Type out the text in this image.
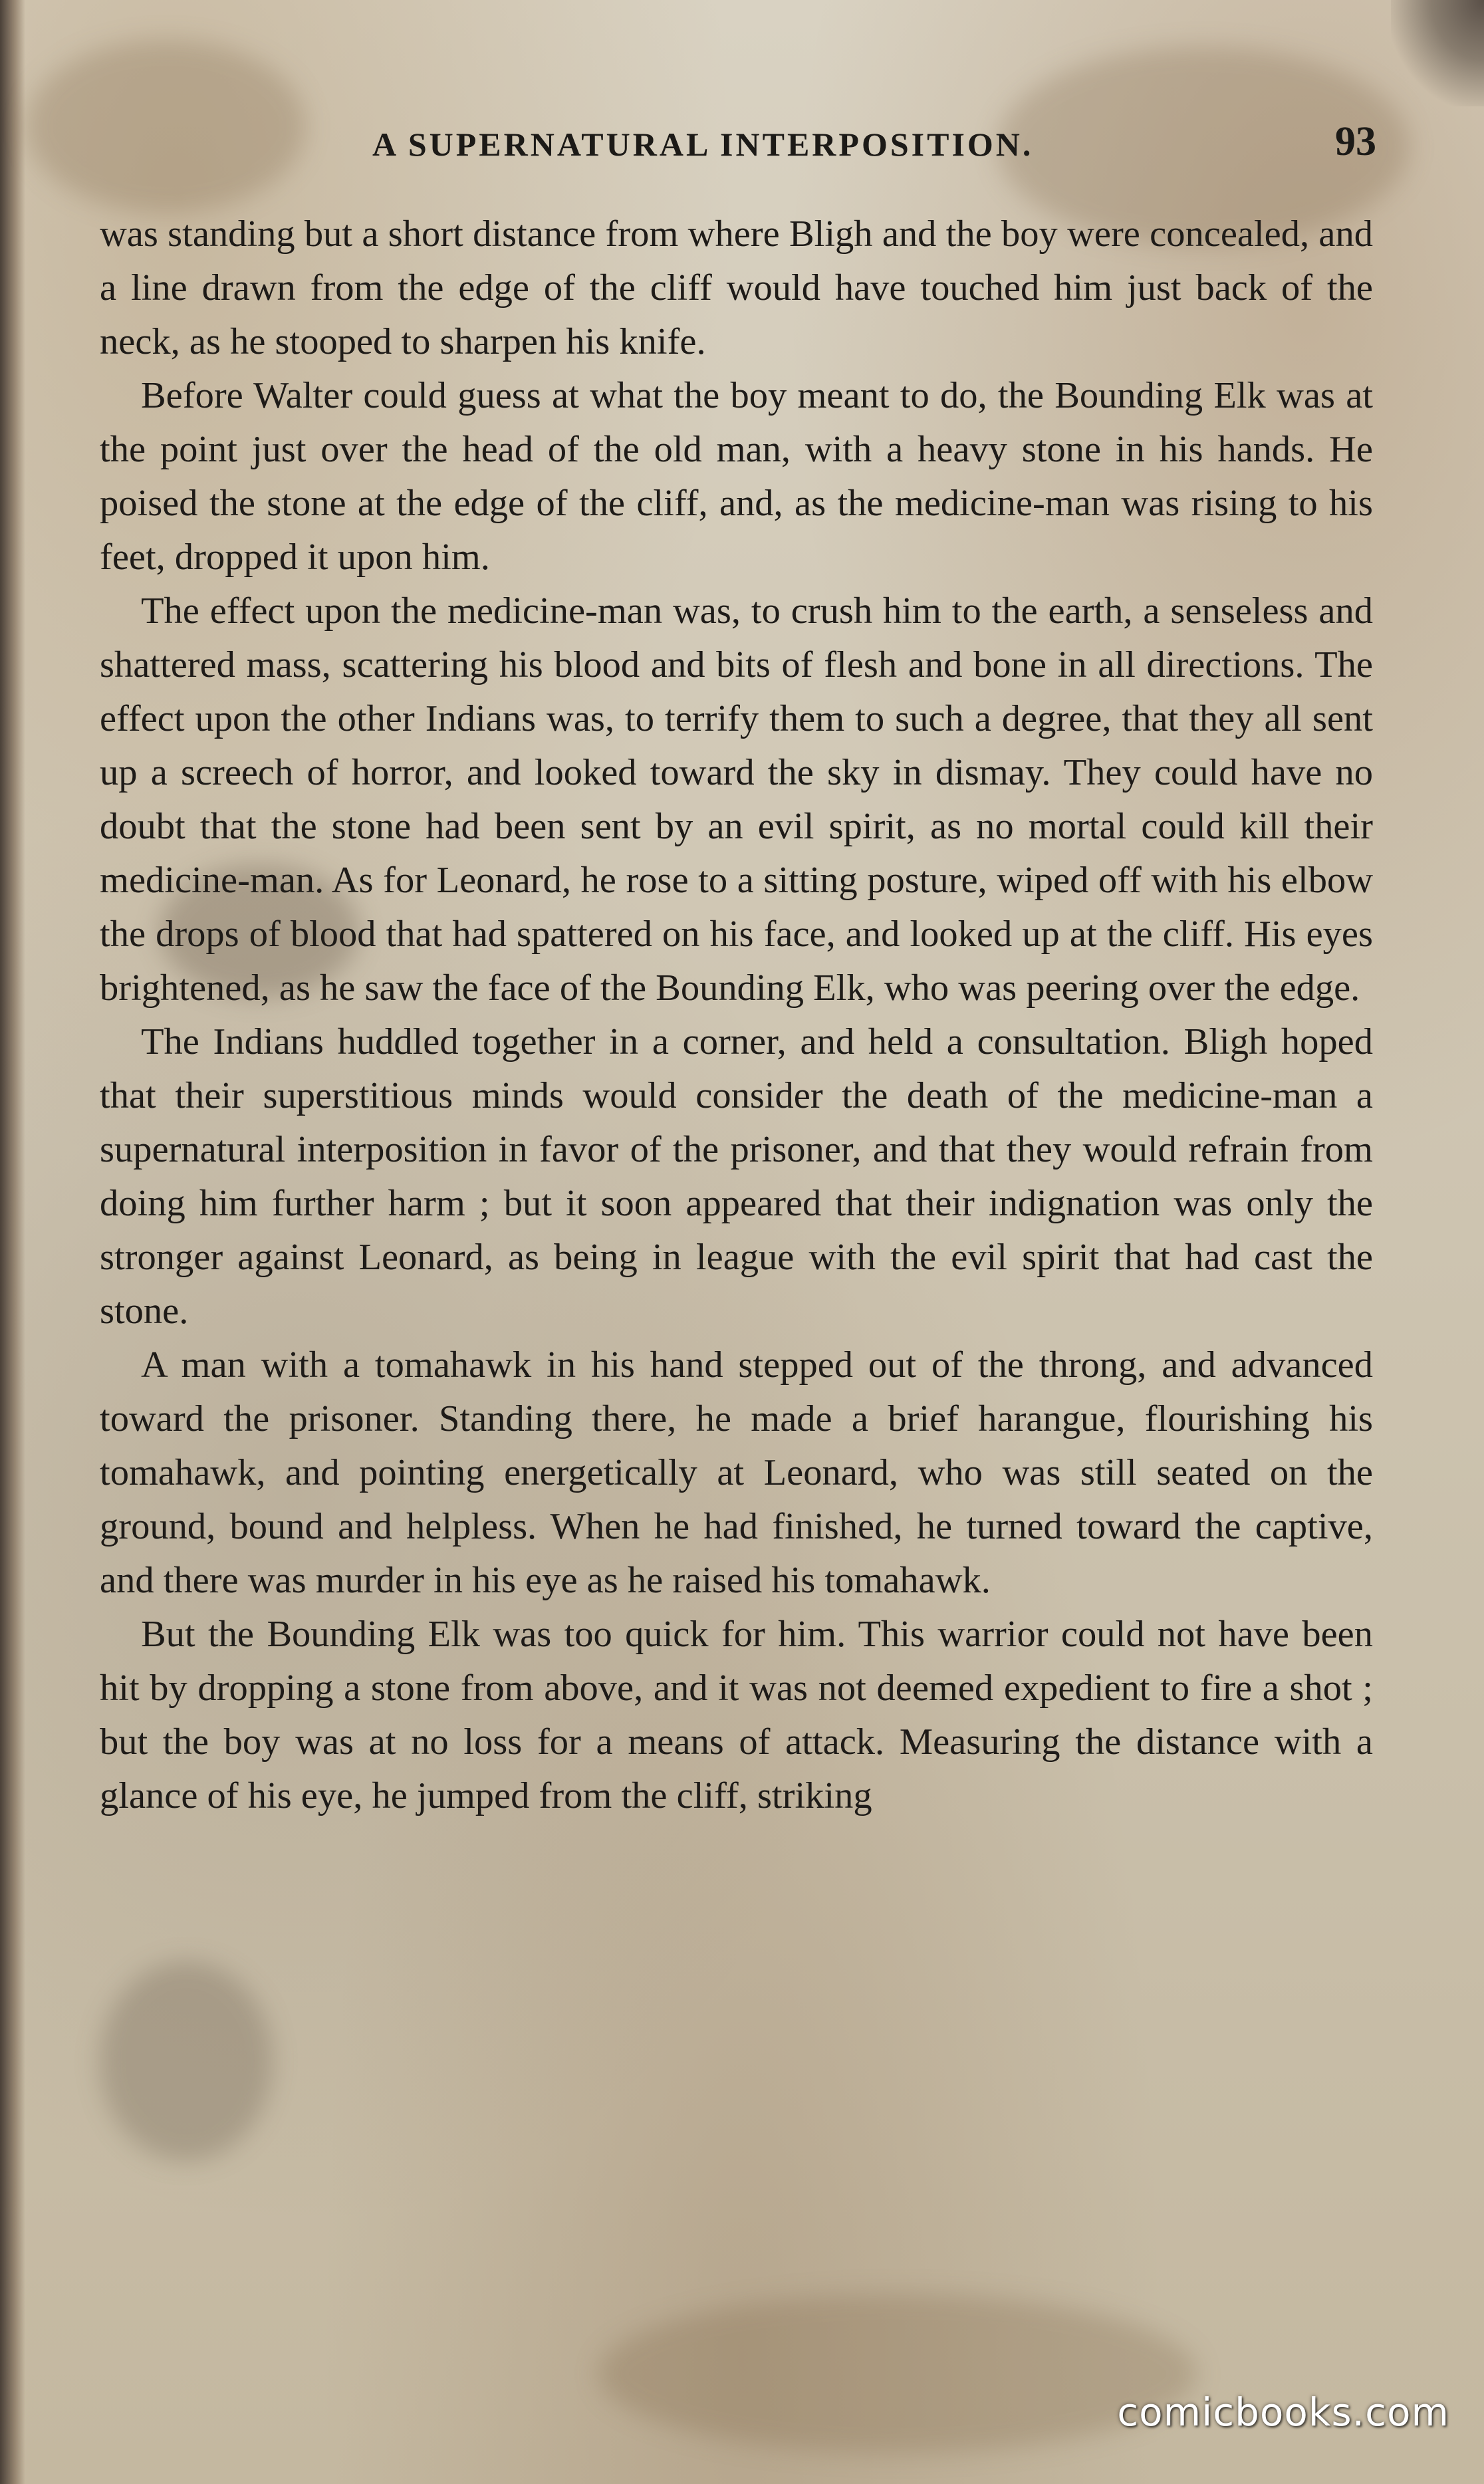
A SUPERNATURAL INTERPOSITION.	93

was standing but a short distance from where Bligh and the boy were concealed, and a line drawn from the edge of the cliff would have touched him just back of the neck, as he stooped to sharpen his knife.

Before Walter could guess at what the boy meant to do, the Bounding Elk was at the point just over the head of the old man, with a heavy stone in his hands. He poised the stone at the edge of the cliff, and, as the medicine-man was rising to his feet, dropped it upon him.

The effect upon the medicine-man was, to crush him to the earth, a senseless and shattered mass, scattering his blood and bits of flesh and bone in all directions. The effect upon the other Indians was, to terrify them to such a degree, that they all sent up a screech of horror, and looked toward the sky in dismay. They could have no doubt that the stone had been sent by an evil spirit, as no mortal could kill their medicine-man. As for Leonard, he rose to a sitting posture, wiped off with his elbow the drops of blood that had spattered on his face, and looked up at the cliff. His eyes brightened, as he saw the face of the Bounding Elk, who was peering over the edge.

The Indians huddled together in a corner, and held a consultation. Bligh hoped that their superstitious minds would consider the death of the medicine-man a supernatural interposition in favor of the prisoner, and that they would refrain from doing him further harm ; but it soon appeared that their indignation was only the stronger against Leonard, as being in league with the evil spirit that had cast the stone.

A man with a tomahawk in his hand stepped out of the throng, and advanced toward the prisoner. Standing there, he made a brief harangue, flourishing his tomahawk, and pointing energetically at Leonard, who was still seated on the ground, bound and helpless. When he had finished, he turned toward the captive, and there was murder in his eye as he raised his tomahawk.

But the Bounding Elk was too quick for him. This warrior could not have been hit by dropping a stone from above, and it was not deemed expedient to fire a shot ; but the boy was at no loss for a means of attack. Measuring the distance with a glance of his eye, he jumped from the cliff, striking

comicbooks.com
